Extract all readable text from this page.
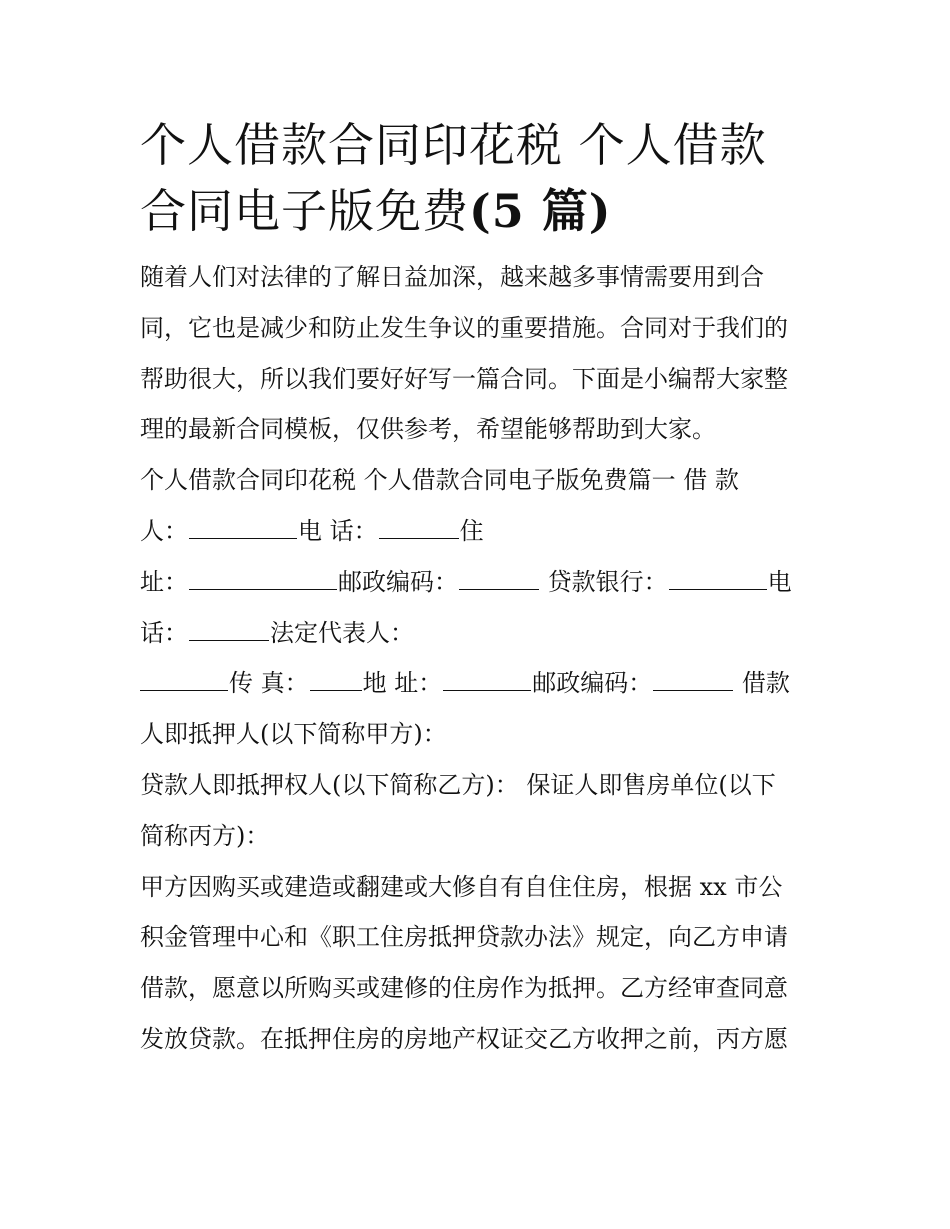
个人借款合同印花税 个人借款
合同电子版免费(5 篇)

随着人们对法律的了解日益加深，越来越多事情需要用到合

同，它也是减少和防止发生争议的重要措施。合同对于我们的

帮助很大，所以我们要好好写一篇合同。下面是小编帮大家整

理的最新合同模板，仅供参考，希望能够帮助到大家。

个人借款合同印花税 个人借款合同电子版免费篇一 借 款

人：	电 话：	住

址：	邮政编码：	贷款银行：	电

话：	法定代表人：

传 真： 地 址：	邮政编码：	借款

人即抵押人(以下简称甲方)：

贷款人即抵押权人(以下简称乙方)： 保证人即售房单位(以下

简称丙方)：

甲方因购买或建造或翻建或大修自有自住住房，根据 xx 市公

积金管理中心和《职工住房抵押贷款办法》规定，向乙方申请

借款，愿意以所购买或建修的住房作为抵押。乙方经审查同意

发放贷款。在抵押住房的房地产权证交乙方收押之前，丙方愿
